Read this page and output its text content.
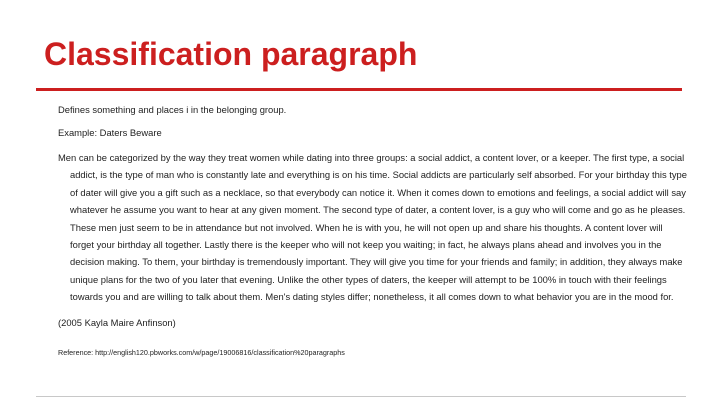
Classification paragraph

Defines something and places i in the belonging group.

Example: Daters Beware

Men can be categorized by the way they treat women while dating into three groups: a social addict, a content lover, or a keeper. The first type, a social addict, is the type of man who is constantly late and everything is on his time. Social addicts are particularly self absorbed. For your birthday this type of dater will give you a gift such as a necklace, so that everybody can notice it. When it comes down to emotions and feelings, a social addict will say whatever he assume you want to hear at any given moment. The second type of dater, a content lover, is a guy who will come and go as he pleases. These men just seem to be in attendance but not involved. When he is with you, he will not open up and share his thoughts. A content lover will forget your birthday all together. Lastly there is the keeper who will not keep you waiting; in fact, he always plans ahead and involves you in the decision making. To them, your birthday is tremendously important. They will give you time for your friends and family; in addition, they always make unique plans for the two of you later that evening. Unlike the other types of daters, the keeper will attempt to be 100% in touch with their feelings towards you and are willing to talk about them. Men's dating styles differ; nonetheless, it all comes down to what behavior you are in the mood for.

(2005 Kayla Maire Anfinson)

Reference: http://english120.pbworks.com/w/page/19006816/classification%20paragraphs
